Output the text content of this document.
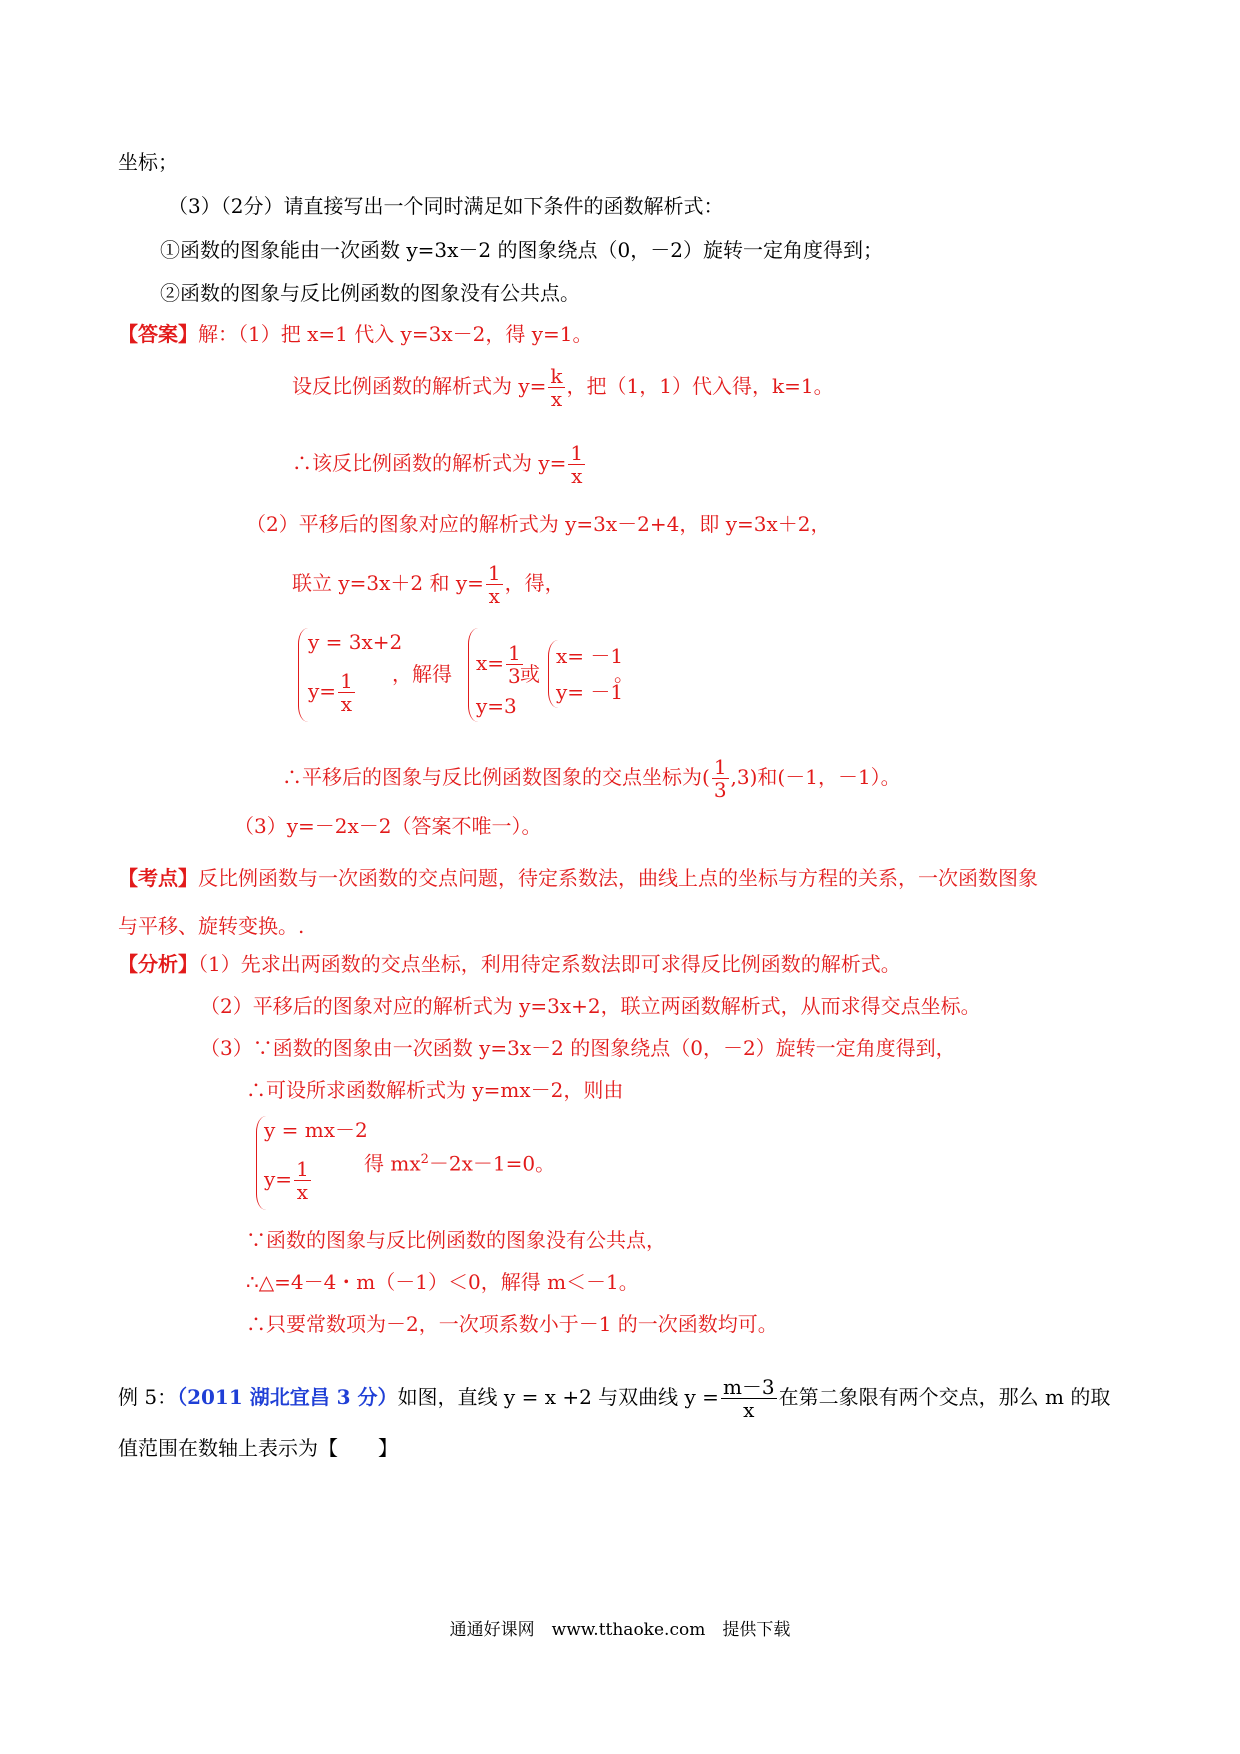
坐标；
（3）（2分）请直接写出一个同时满足如下条件的函数解析式：
①函数的图象能由一次函数 y=3x－2 的图象绕点（0，－2）旋转一定角度得到；
②函数的图象与反比例函数的图象没有公共点。
【答案】解：（1）把 x=1 代入 y=3x－2，得 y=1。
设反比例函数的解析式为 $y= \frac{k}{x}$ ，把（1，1）代入得，k=1。
∴该反比例函数的解析式为 $y= \frac{1}{x}$
（2）平移后的图象对应的解析式为 y=3x－2+4，即 y=3x＋2，
联立 y=3x＋2 和 $y= \frac{1}{x}$ ，得，
y = 3x+2
$y= \frac{1}{x}$ ，解得 $x= \frac{1}{3}$
y=3
或
x= －1
y= －1
。
∴平移后的图象与反比例函数图象的交点坐标为( $\frac{1}{3} ,3$)和(－1，－1）。
（3）y=－2x－2（答案不唯一）。
【考点】反比例函数与一次函数的交点问题，待定系数法，曲线上点的坐标与方程的关系，一次函数图象
与平移、旋转变换。.
【分析】（1）先求出两函数的交点坐标，利用待定系数法即可求得反比例函数的解析式。
（2）平移后的图象对应的解析式为 y=3x+2，联立两函数解析式，从而求得交点坐标。
（3）∵函数的图象由一次函数 y=3x－2 的图象绕点（0，－2）旋转一定角度得到，
∴可设所求函数解析式为 y=mx－2，则由
y = mx－2
$y= \frac{1}{x}$	得 $mx^2-2x-1=0$。
∵函数的图象与反比例函数的图象没有公共点，
∴△=4－4・m（－1）＜0，解得 m＜－1。
∴只要常数项为－2，一次项系数小于－1 的一次函数均可。
例 5：（2011 湖北宜昌 3 分）如图，直线 y = x +2 与双曲线 $y = \frac{m-3}{x}$ 在第二象限有两个交点，那么 m 的取
值范围在数轴上表示为【　　】
通通好课网　www.tthaoke.com　提供下载
